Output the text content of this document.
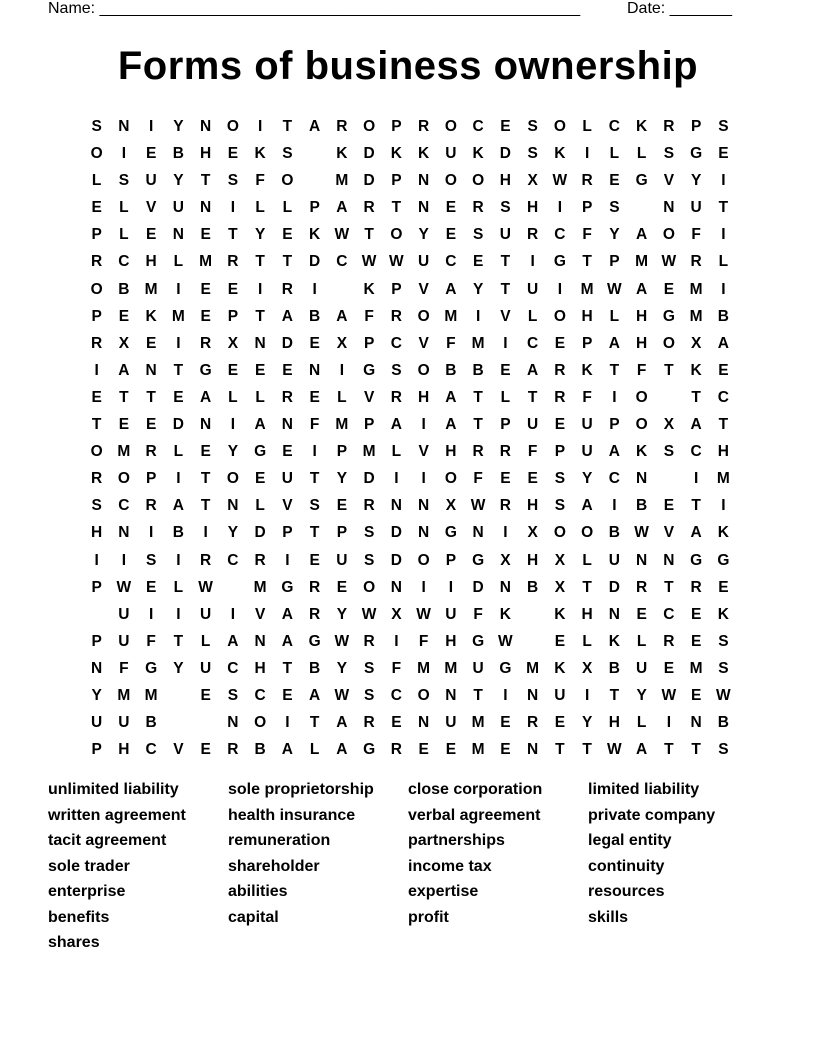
Name: ______________________________________________________	Date: _______
Forms of business ownership
S N I Y N O I T A R O P R O C E S O L C K R P S
O I E B H E K S	K D K K U K D S K I L L S G E
L S U Y T S F O	M D P N O O H X W R E G V Y I
E L V U N I L L P A R T N E R S H I P S	N U T
P L E N E T Y E K W T O Y E S U R C F Y A O F I
R C H L M R T T D C W W U C E T I G T P M W R L
O B M I E E I R I	K P V A Y T U I M W A E M I
P E K M E P T A B A F R O M I V L O H L H G M B
R X E I R X N D E X P C V F M I C E P A H O X A
I A N T G E E E N I G S O B B E A R K T F T K E
E T T E A L L R E L V R H A T L T R F I O	T C
T E E D N I A N F M P A I A T P U E U P O X A T
O M R L E Y G E I P M L V H R R F P U A K S C H
R O P I T O E U T Y D I I O F E E S Y C N	I M
S C R A T N L V S E R N N X W R H S A I B E T I
H N I B I Y D P T P S D N G N I X O O B W V A K
I I S I R C R I E U S D O P G X H X L U N N G G
P W E L W	M G R E O N I I D N B X T D R T R E
U I I U I V A R Y W X W U F K	K H N E C E K
P U F T L A N A G W R I F H G W	E L K L R E S
N F G Y U C H T B Y S F M M U G M K X B U E M S
Y M M	E S C E A W S C O N T I N U I T Y W E W
U U B	N O I T A R E N U M E R E Y H L I N B
P H C V E R B A L A G R E E M E N T T W A T T S
unlimited liability
written agreement
tacit agreement
sole trader
enterprise
benefits
shares
sole proprietorship
health insurance
remuneration
shareholder
abilities
capital
close corporation
verbal agreement
partnerships
income tax
expertise
profit
limited liability
private company
legal entity
continuity
resources
skills
